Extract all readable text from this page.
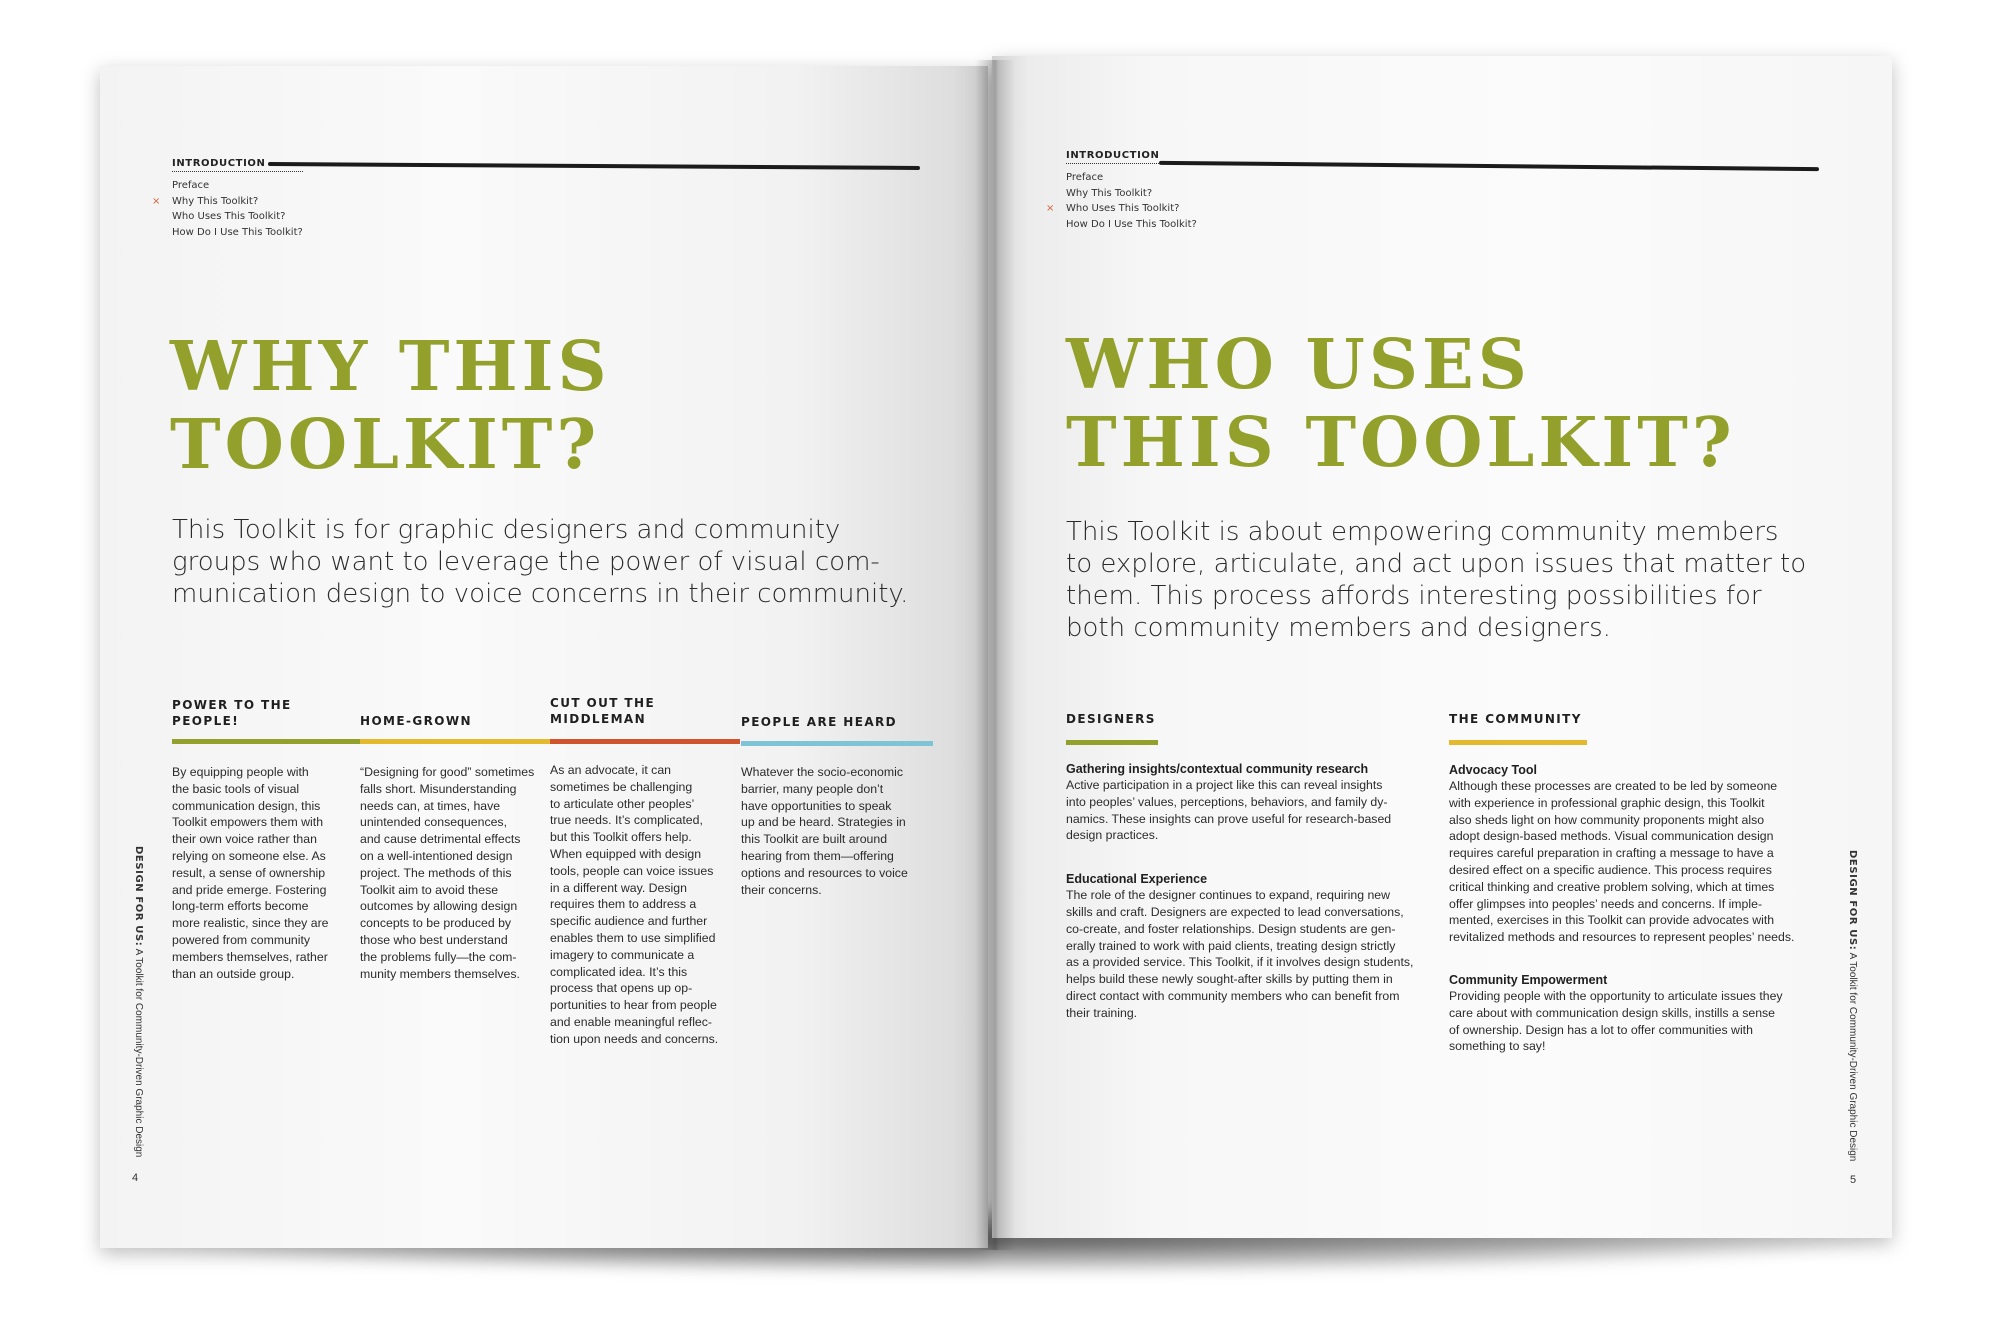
INTRODUCTION
Preface
× Why This Toolkit?
Who Uses This Toolkit?
How Do I Use This Toolkit?
WHY THIS
TOOLKIT?
This Toolkit is for graphic designers and community
groups who want to leverage the power of visual com-
munication design to voice concerns in their community.
POWER TO THE
PEOPLE!
By equipping people with
the basic tools of visual
communication design, this
Toolkit empowers them with
their own voice rather than
relying on someone else. As
result, a sense of ownership
and pride emerge. Fostering
long-term efforts become
more realistic, since they are
powered from community
members themselves, rather
than an outside group.
HOME-GROWN
“Designing for good” sometimes
falls short. Misunderstanding
needs can, at times, have
unintended consequences,
and cause detrimental effects
on a well-intentioned design
project. The methods of this
Toolkit aim to avoid these
outcomes by allowing design
concepts to be produced by
those who best understand
the problems fully—the com-
munity members themselves.
CUT OUT THE
MIDDLEMAN
As an advocate, it can
sometimes be challenging
to articulate other peoples’
true needs. It’s complicated,
but this Toolkit offers help.
When equipped with design
tools, people can voice issues
in a different way. Design
requires them to address a
specific audience and further
enables them to use simplified
imagery to communicate a
complicated idea. It’s this
process that opens up op-
portunities to hear from people
and enable meaningful reflec-
tion upon needs and concerns.
PEOPLE ARE HEARD
Whatever the socio-economic
barrier, many people don’t
have opportunities to speak
up and be heard. Strategies in
this Toolkit are built around
hearing from them—offering
options and resources to voice
their concerns.
DESIGN FOR US: A Toolkit for Community-Driven Graphic Design
4
INTRODUCTION
Preface
Why This Toolkit?
× Who Uses This Toolkit?
How Do I Use This Toolkit?
WHO USES
THIS TOOLKIT?
This Toolkit is about empowering community members
to explore, articulate, and act upon issues that matter to
them. This process affords interesting possibilities for
both community members and designers.
DESIGNERS
Gathering insights/contextual community research
Active participation in a project like this can reveal insights
into peoples’ values, perceptions, behaviors, and family dy-
namics. These insights can prove useful for research-based
design practices.
Educational Experience
The role of the designer continues to expand, requiring new
skills and craft. Designers are expected to lead conversations,
co-create, and foster relationships. Design students are gen-
erally trained to work with paid clients, treating design strictly
as a provided service. This Toolkit, if it involves design students,
helps build these newly sought-after skills by putting them in
direct contact with community members who can benefit from
their training.
THE COMMUNITY
Advocacy Tool
Although these processes are created to be led by someone
with experience in professional graphic design, this Toolkit
also sheds light on how community proponents might also
adopt design-based methods. Visual communication design
requires careful preparation in crafting a message to have a
desired effect on a specific audience. This process requires
critical thinking and creative problem solving, which at times
offer glimpses into peoples’ needs and concerns. If imple-
mented, exercises in this Toolkit can provide advocates with
revitalized methods and resources to represent peoples’ needs.
Community Empowerment
Providing people with the opportunity to articulate issues they
care about with communication design skills, instills a sense
of ownership. Design has a lot to offer communities with
something to say!
DESIGN FOR US: A Toolkit for Community-Driven Graphic Design
5
